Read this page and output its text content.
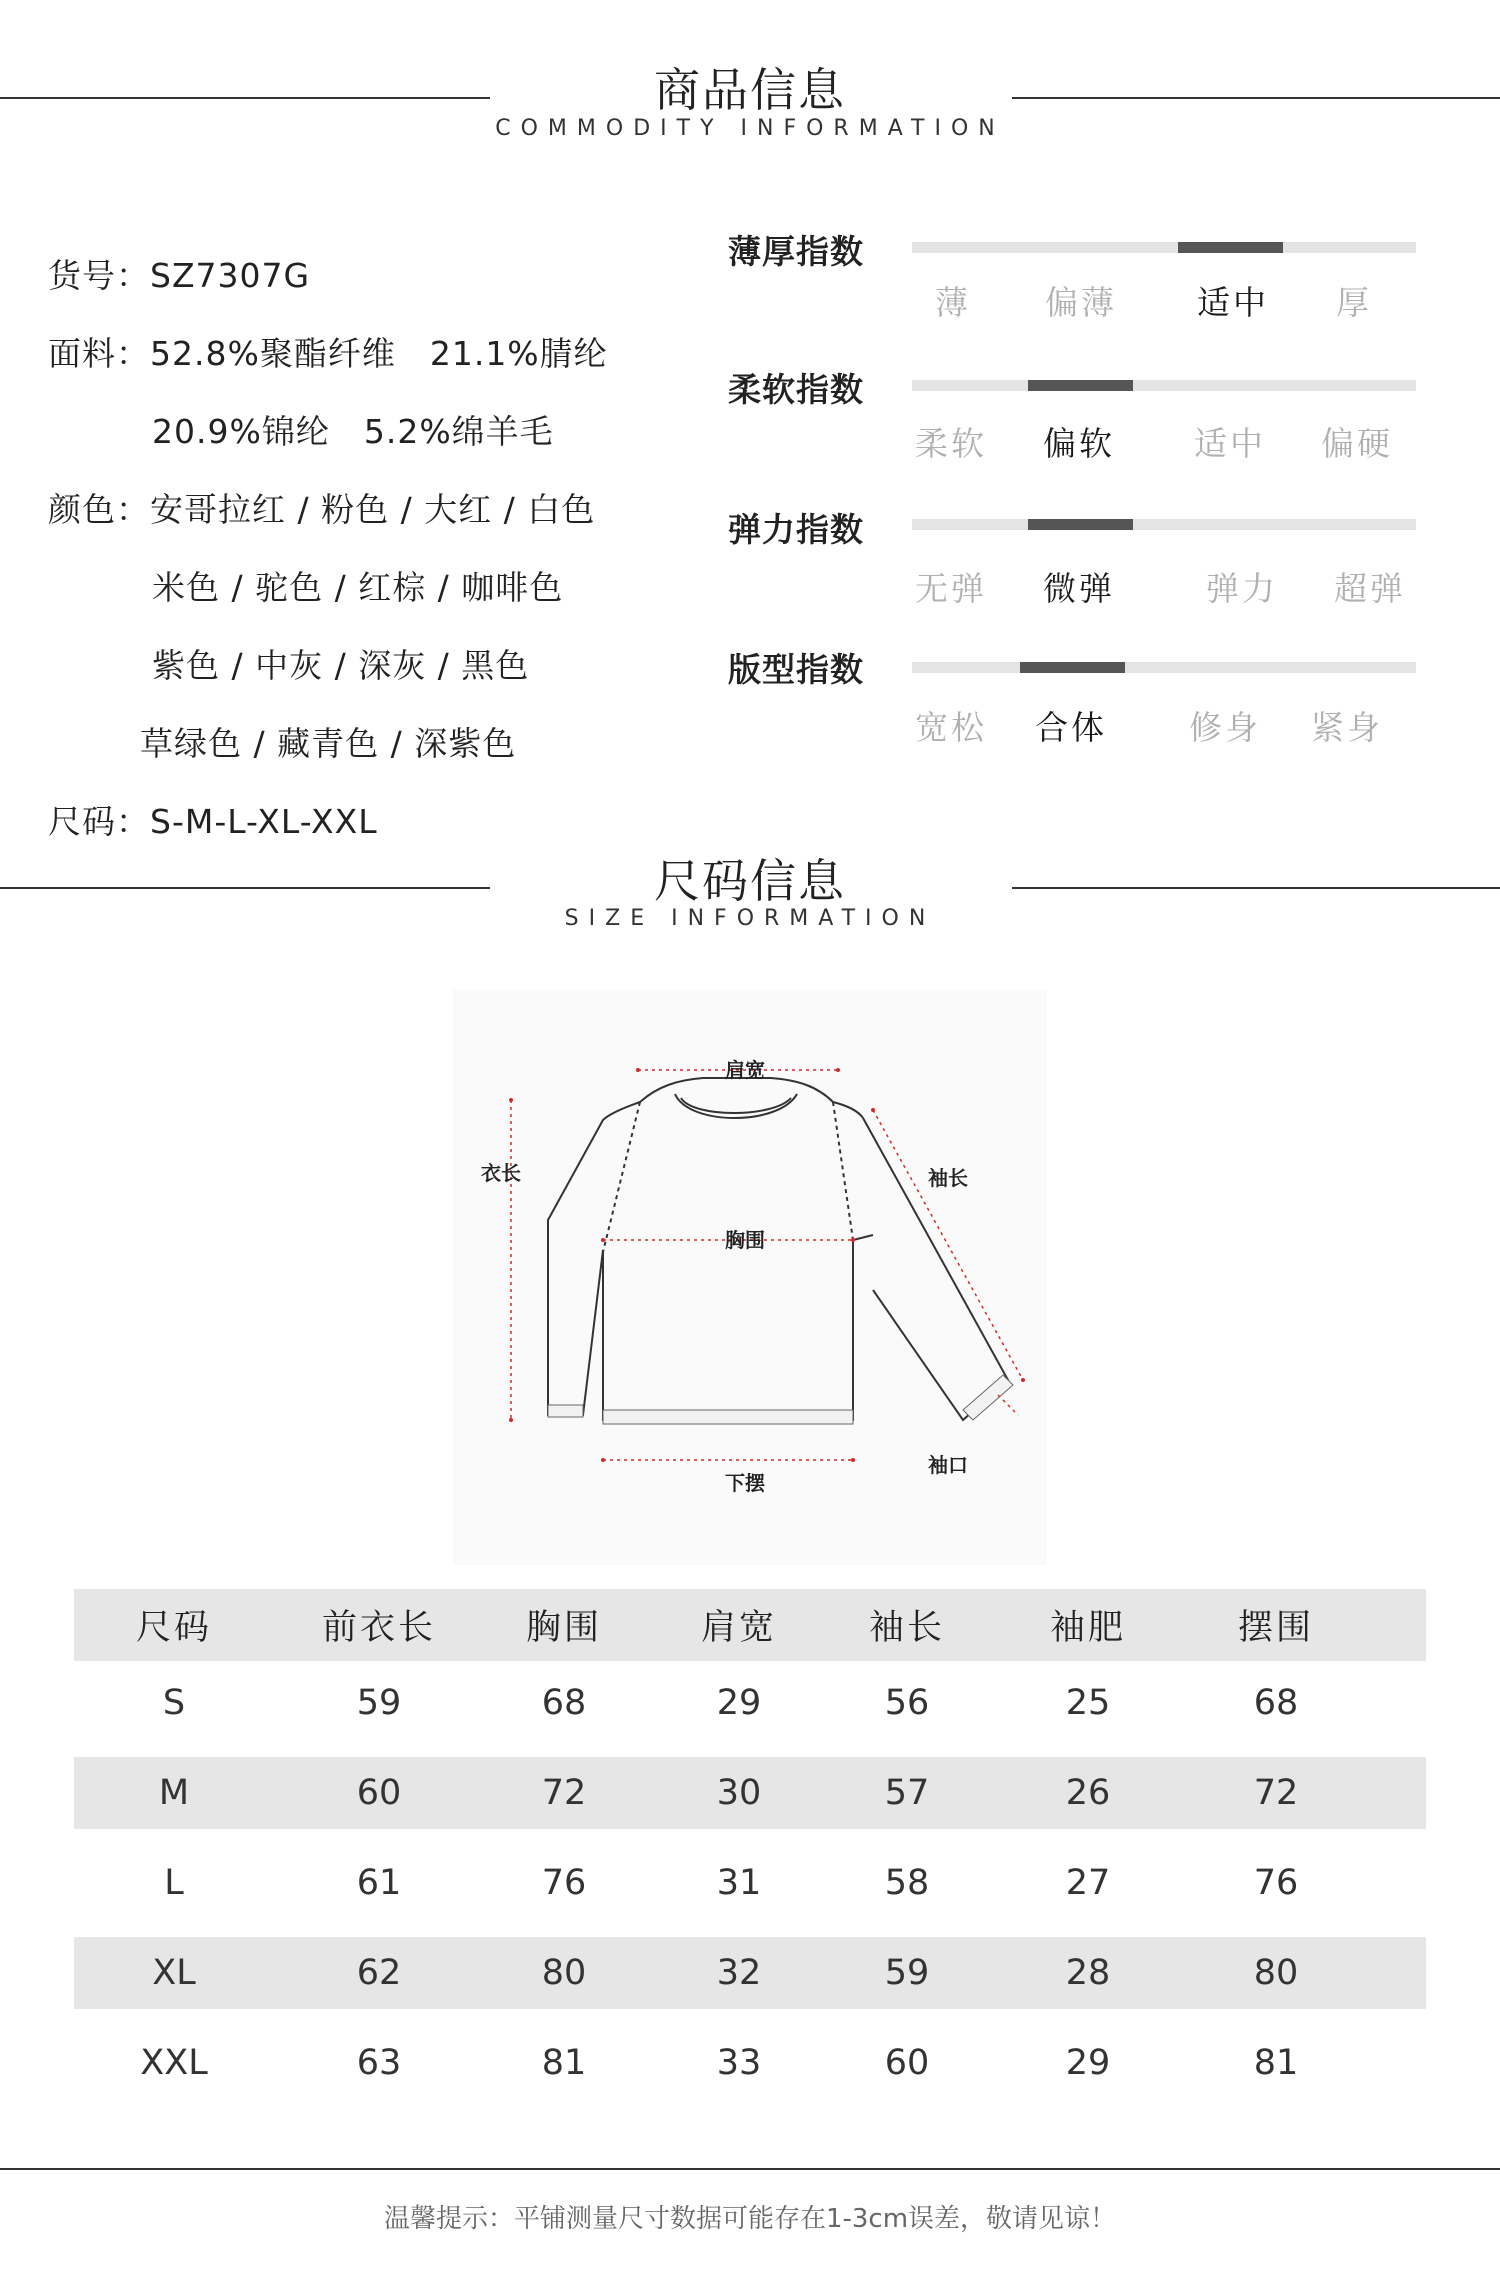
商品信息
COMMODITY INFORMATION
货号：SZ7307G
面料：52.8%聚酯纤维　21.1%腈纶
20.9%锦纶　5.2%绵羊毛
颜色：安哥拉红 / 粉色 / 大红 / 白色
米色 / 驼色 / 红棕 / 咖啡色
紫色 / 中灰 / 深灰 / 黑色
草绿色 / 藏青色 / 深紫色
尺码：S-M-L-XL-XXL
薄厚指数
薄 偏薄 适中 厚
柔软指数
柔软 偏软 适中 偏硬
弹力指数
无弹 微弹	弹力 超弹
版型指数
宽松 合体 修身 紧身
尺码信息
SIZE INFORMATION
肩宽
衣长	袖长
胸围
下摆
袖口
尺码	前衣长	胸围	肩宽	袖长	袖肥	摆围
S	59	68	29	56	25	68
M	60	72	30	57	26	72
L	61	76	31	58	27	76
XL	62	80	32	59	28	80
XXL	63	81	33	60	29	81
温馨提示：平铺测量尺寸数据可能存在1-3cm误差，敬请见谅！
